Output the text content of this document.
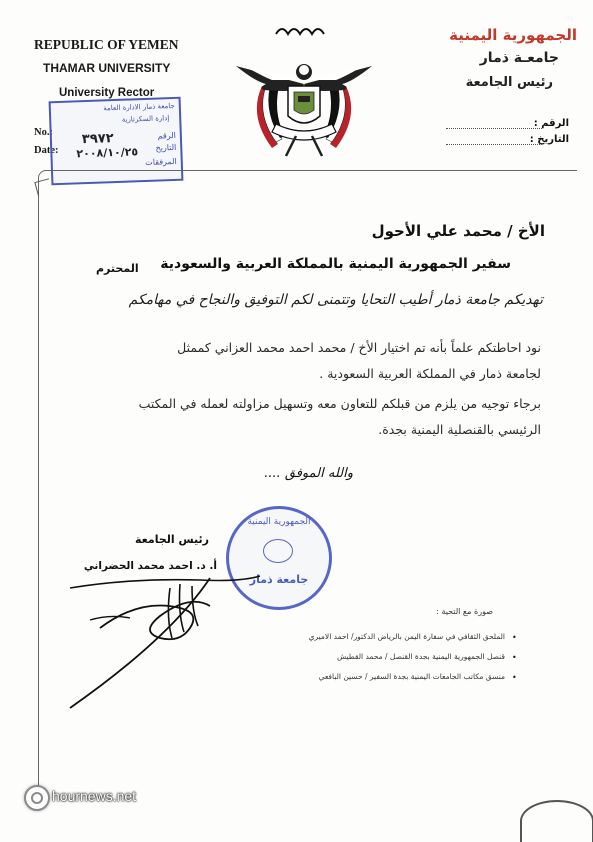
REPUBLIC OF YEMEN
THAMAR UNIVERSITY
University Rector
No.:
Date:
جامعة ذمار الادارة العامة
إدارة السكرتارية
الرقم
٣٩٧٢
التاريخ
٢٠٠٨/١٠/٢٥
المرفقات
الجمهورية اليمنية
جامعـة ذمار
رئيس الجامعة
الرقم :
التاريخ :
الأخ / محمد علي الأحول
سفير الجمهورية اليمنية بالمملكة العربية والسعودية
المحترم
تهديكم جامعة ذمار أطيب التحايا وتتمنى لكم التوفيق والنجاح في مهامكم
نود احاطتكم علماً بأنه تم اختيار الأخ / محمد احمد محمد العزاني كممثل
لجامعة ذمار في المملكة العربية السعودية .
برجاء توجيه من يلزم من قبلكم للتعاون معه وتسهيل مزاولته لعمله في المكتب
الرئيسي بالقنصلية اليمنية بجدة.
والله الموفق ....
رئيس الجامعة
أ. د. احمد محمد الحضراني
الجمهورية اليمنية
جامعة ذمار
صورة مع التحية :
الملحق الثقافي في سفارة اليمن بالرياض الدكتور/ احمد الاميري •
قنصل الجمهورية اليمنية بجدة القنصل / محمد القطيش •
منسق مكاتب الجامعات اليمنية بجدة السفير / حسين البافعي •
hournews.net
